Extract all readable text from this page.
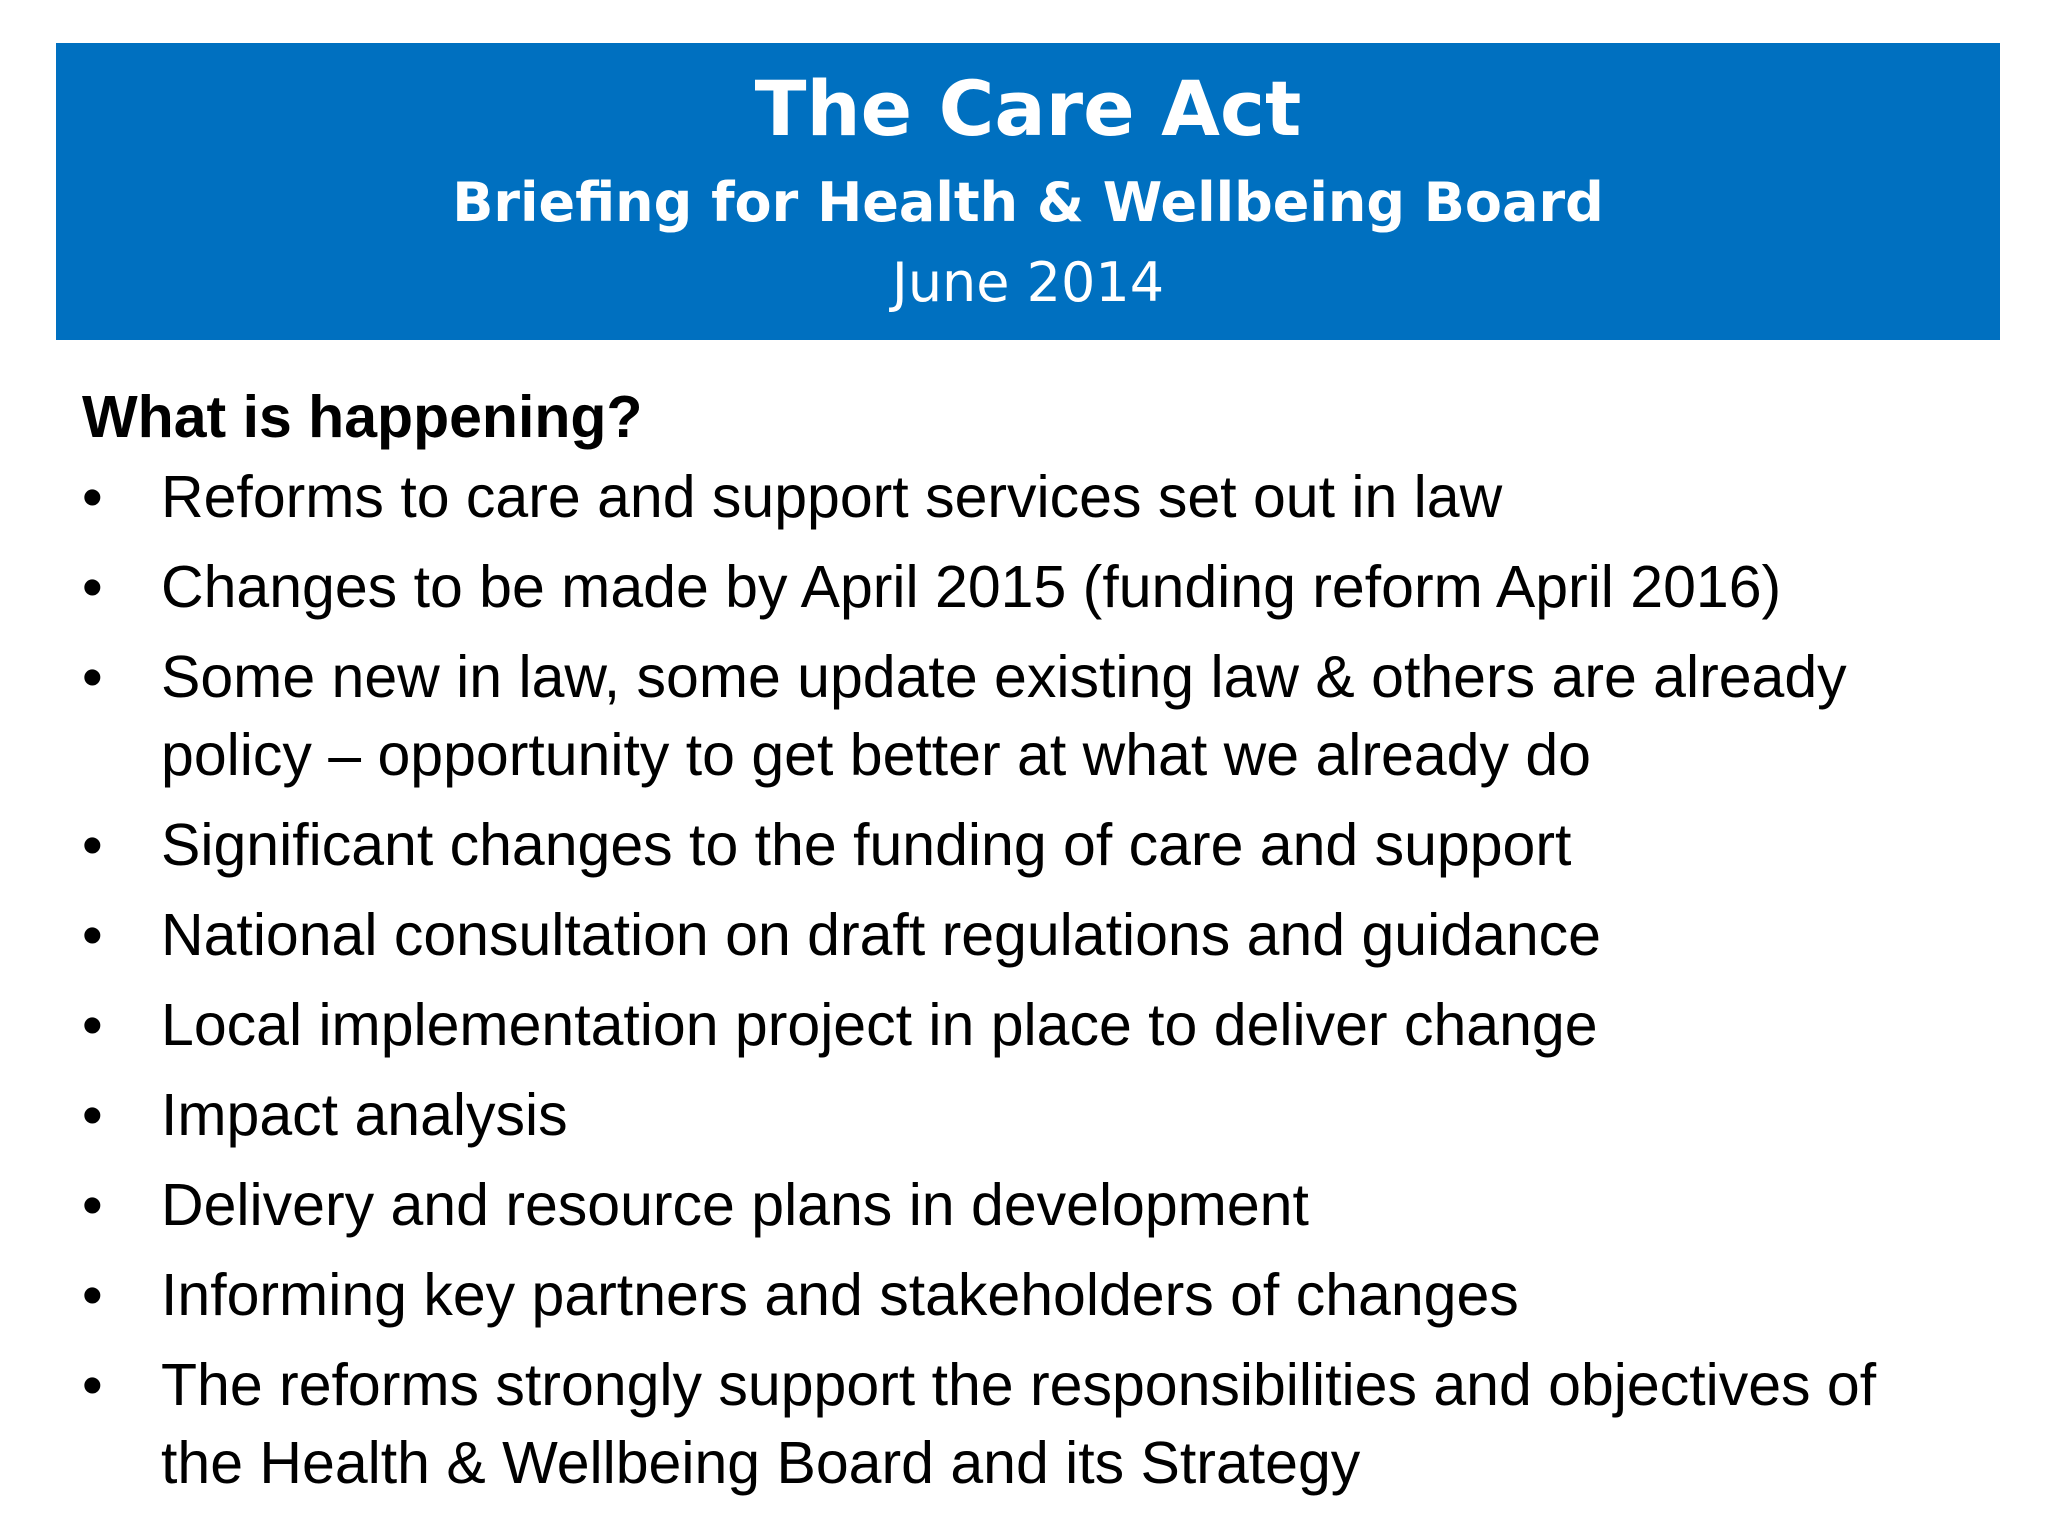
The Care Act
Briefing for Health & Wellbeing Board
June 2014
What is happening?
• Reforms to care and support services set out in law
• Changes to be made by April 2015 (funding reform April 2016)
• Some new in law, some update existing law & others are already policy – opportunity to get better at what we already do
• Significant changes to the funding of care and support
• National consultation on draft regulations and guidance
• Local implementation project in place to deliver change
• Impact analysis
• Delivery and resource plans in development
• Informing key partners and stakeholders of changes
• The reforms strongly support the responsibilities and objectives of the Health & Wellbeing Board and its Strategy
